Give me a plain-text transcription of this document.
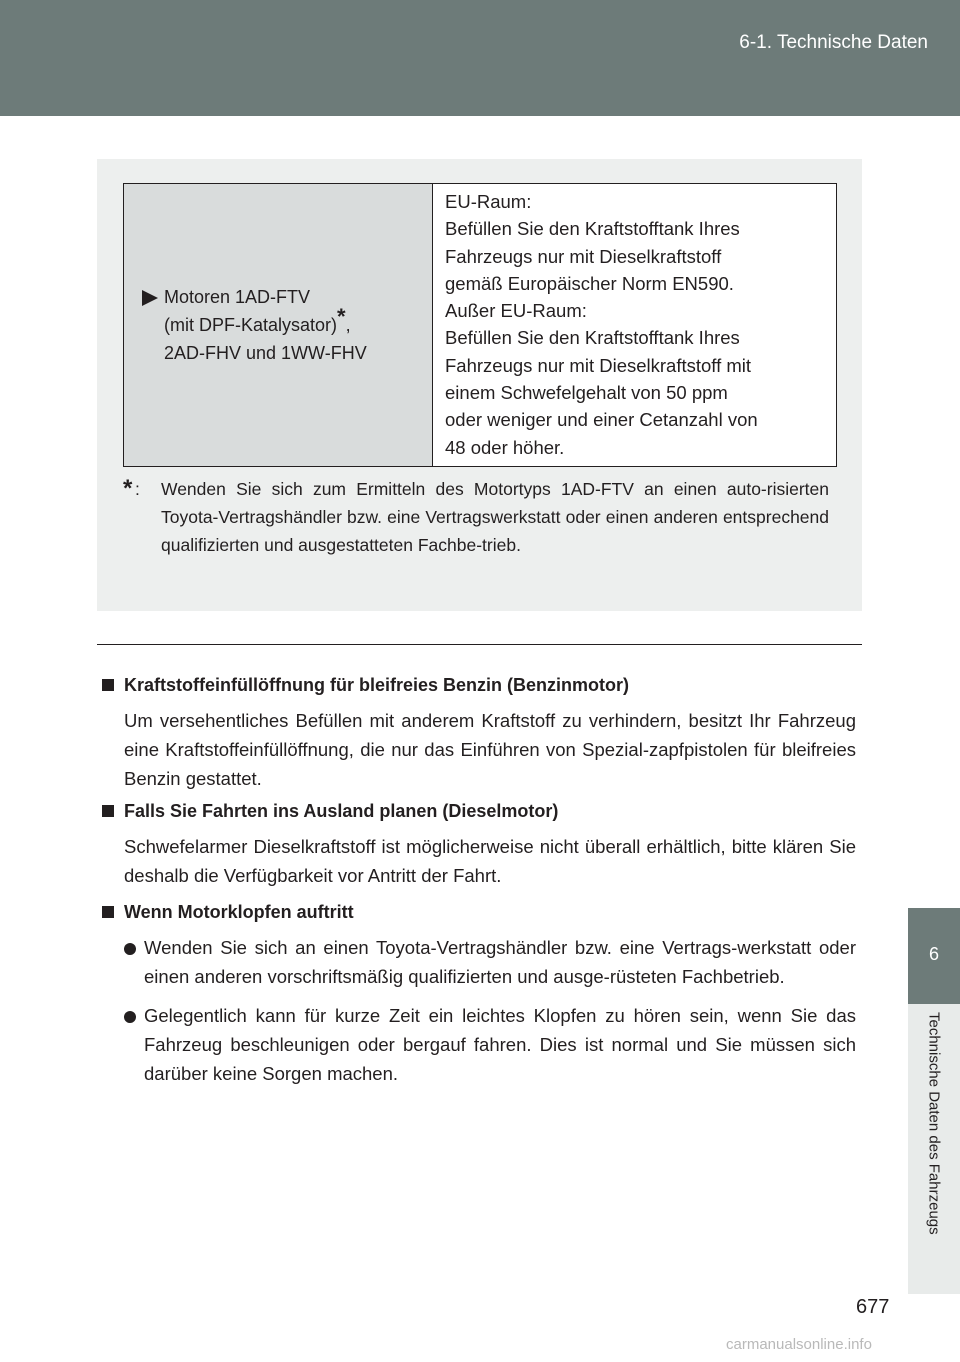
6-1. Technische Daten
6
Technische Daten des Fahrzeugs
Motoren 1AD-FTV
(mit DPF-Katalysator)*,
2AD-FHV und 1WW-FHV
EU-Raum:
Befüllen Sie den Kraftstofftank Ihres
Fahrzeugs nur mit Dieselkraftstoff
gemäß Europäischer Norm EN590.
Außer EU-Raum:
Befüllen Sie den Kraftstofftank Ihres
Fahrzeugs nur mit Dieselkraftstoff mit
einem Schwefelgehalt von 50 ppm
oder weniger und einer Cetanzahl von
48 oder höher.
* : Wenden Sie sich zum Ermitteln des Motortyps 1AD-FTV an einen auto-risierten Toyota-Vertragshändler bzw. eine Vertragswerkstatt oder einen anderen entsprechend qualifizierten und ausgestatteten Fachbe-trieb.
Kraftstoffeinfüllöffnung für bleifreies Benzin (Benzinmotor)
Um versehentliches Befüllen mit anderem Kraftstoff zu verhindern, besitzt Ihr Fahrzeug eine Kraftstoffeinfüllöffnung, die nur das Einführen von Spezial-zapfpistolen für bleifreies Benzin gestattet.
Falls Sie Fahrten ins Ausland planen (Dieselmotor)
Schwefelarmer Dieselkraftstoff ist möglicherweise nicht überall erhältlich, bitte klären Sie deshalb die Verfügbarkeit vor Antritt der Fahrt.
Wenn Motorklopfen auftritt
Wenden Sie sich an einen Toyota-Vertragshändler bzw. eine Vertrags-werkstatt oder einen anderen vorschriftsmäßig qualifizierten und ausge-rüsteten Fachbetrieb.
Gelegentlich kann für kurze Zeit ein leichtes Klopfen zu hören sein, wenn Sie das Fahrzeug beschleunigen oder bergauf fahren. Dies ist normal und Sie müssen sich darüber keine Sorgen machen.
677
carmanualsonline.info
